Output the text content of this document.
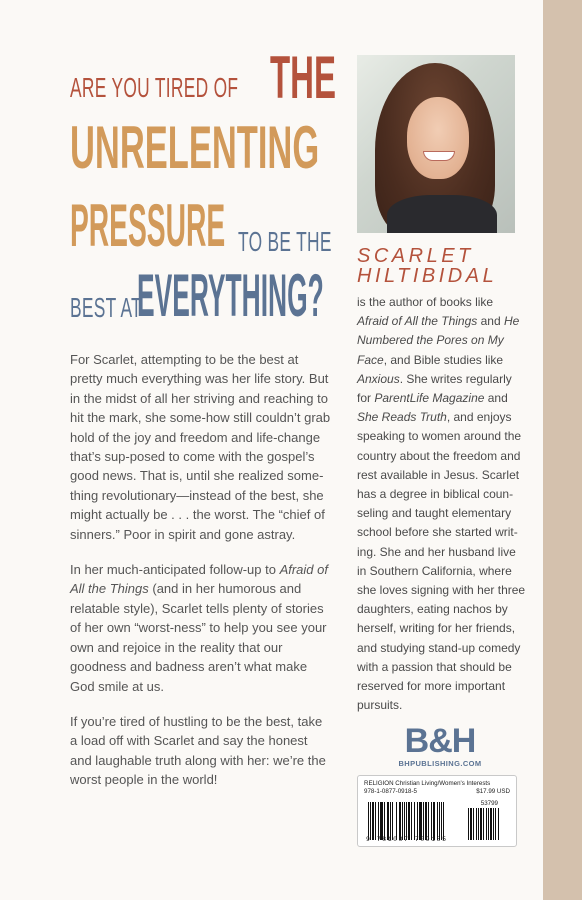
ARE YOU TIRED OF THE
UNRELENTING
PRESSURE TO BE THE
BEST AT
EVERYTHING?

For Scarlet, attempting to be the best at pretty much everything was her life story. But in the midst of all her striving and reaching to hit the mark, she some-how still couldn’t grab hold of the joy and freedom and life-change that’s sup-posed to come with the gospel’s good news. That is, until she realized some-thing revolutionary—instead of the best, she might actually be . . . the worst. The “chief of sinners.” Poor in spirit and gone astray.

In her much-anticipated follow-up to Afraid of All the Things (and in her humorous and relatable style), Scarlet tells plenty of stories of her own “worst-ness” to help you see your own and rejoice in the reality that our goodness and badness aren’t what make God smile at us.

If you’re tired of hustling to be the best, take a load off with Scarlet and say the honest and laughable truth along with her: we’re the worst people in the world!

SCARLET
HILTIBIDAL
is the author of books like Afraid of All the Things and He Numbered the Pores on My Face, and Bible studies like Anxious. She writes regularly for ParentLife Magazine and She Reads Truth, and enjoys speaking to women around the country about the freedom and rest available in Jesus. Scarlet has a degree in biblical coun-seling and taught elementary school before she started writ-ing. She and her husband live in Southern California, where she loves signing with her three daughters, eating nachos by herself, writing for her friends, and studying stand-up comedy with a passion that should be reserved for more important pursuits.
B&H
BHPUBLISHING.COM
RELIGION Christian Living/Women's Interests
978-1-0877-0918-5	$17.99 USD
53799
9 781087 709185
